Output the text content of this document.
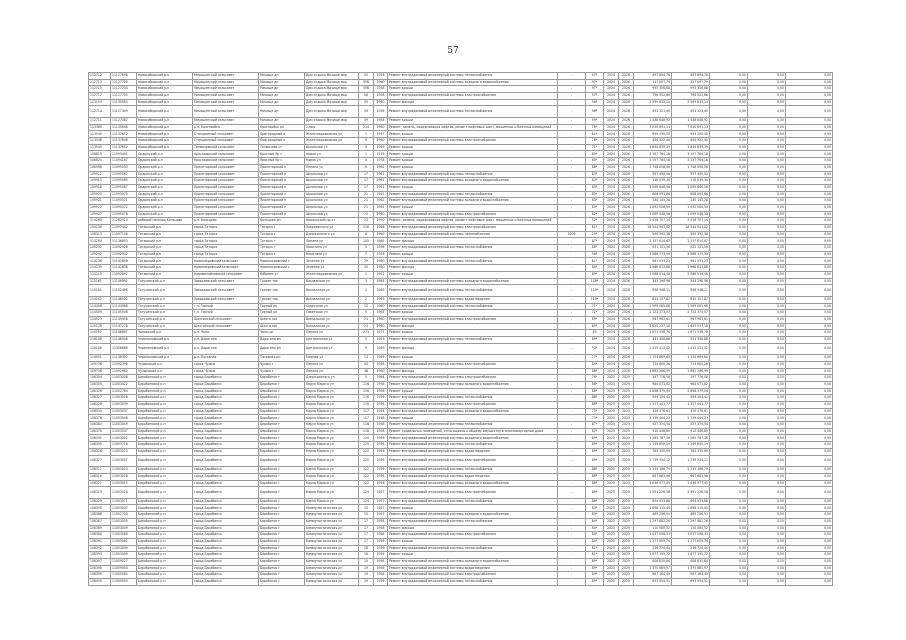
57
112712	11127698	Новосибирский р-н	Мочищенский сельсовет	Мочище дп	Дом отдыха Мочище мкр	55	1958	Ремонт внутридомовой инженерной системы теплоснабжения	-	97*	2024	2026	497 894,78	497 894,78	0,00	0,00	0,00
112713	11127700	Новосибирский р-н	Мочищенский сельсовет	Мочище дп	Дом отдыха Мочище мкр	55б	1960	Ремонт внутридомовой инженерной системы холодного водоснабжения	-	97*	2024	2026	117 097,79	117 097,79	0,00	0,00	0,00
112715	11127703	Новосибирский р-н	Мочищенский сельсовет	Мочище дп	Дом отдыха Мочище мкр	55б	1958	Ремонт крыши	-	97*	2024	2026	995 356,88	995 356,88	0,00	0,00	0,00
112717	11127705	Новосибирский р-н	Мочищенский сельсовет	Мочище дп	Дом отдыха Мочище мкр	56	1958	Ремонт внутридомовой инженерной системы электроснабжения	-	97*	2024	2026	796 552,86	796 552,86	0,00	0,00	0,00
113153	11135950	Новосибирский р-н	Мочищенский сельсовет	Мочище дп	Дом отдыха Мочище мкр	59	1960	Ремонт фасада	-	98*	2024	2026	2 599 635,10	2 599 635,10	0,00	0,00	0,00
112714	11127449	Новосибирский р-н	Мочищенский сельсовет	Мочище дп	Дом отдыха Мочище мкр	59	1958	Ремонт внутридомовой инженерной системы теплоснабжения	-	98*	2024	2026	493 321,40	493 321,40	0,00	0,00	0,00
112711	11127462	Новосибирский р-н	Мочищенский сельсовет	Мочище дп	Дом отдыха Мочище мкр	59	1958	Ремонт крыши	-	99*	2024	2026	1 438 648,92	1 438 648,92	0,00	0,00	0,00
113360	11135648	Новосибирский р-н	р.п. Краснообск	Краснообск рп	2-мкр	214	1980	Ремонт, замена, модернизация лифтов, ремонт лифтовых шахт, машинных и блочных помещений	-	76*	2024	2026	7 010 691,13	7 010 691,13	0,00	0,00	0,00
113540	11137652	Новосибирский р-н	Станционный сельсовет	Пригородный п	Железнодорожная ул	1	1957	Ремонт крыши	-	81*	2024	2026	955 290,00	955 290,00	0,00	0,00	0,00
113548	11137648	Новосибирский р-н	Станционный сельсовет	Пригородный п	Железнодорожная ул	6	1960	Ремонт внутридомовой инженерной системы электроснабжения	-	76*	2024	2026	450 522,40	450 522,40	0,00	0,00	0,00
113549	11137652	Новосибирский р-н	Толмачевский сельсовет	Толмачево ст	Школьная ул	9	1969	Ремонт крыши	-	71*	2024	2026	1 844 639,39	1 844 639,39	0,00	0,00	0,00
108819	11095401	Ордынский р-н	Красноярский сельсовет	Красный Яр с	Новая ул	1	1976	Ремонт крыши	-	80*	2024	2026	3 157 764,18	3 157 764,18	0,00	0,00	0,00
108820	11094167	Ордынский р-н	Красноярский сельсовет	Красный Яр с	Новая ул	3	1978	Ремонт крыши	-	80*	2024	2026	3 157 764,18	3 157 764,18	0,00	0,00	0,00
108998	11095033	Ордынский р-н	Пролетарский сельсовет	Пролетарский п	Ленина ул	6	1962	Ремонт крыши	-	88*	2024	2026	1 748 058,56	1 748 058,56	0,00	0,00	0,00
109912	11095062	Ордынский р-н	Пролетарский сельсовет	Пролетарский п	Школьная ул	17	1961	Ремонт внутридомовой инженерной системы теплоснабжения	-	83*	2024	2026	597 490,00	597 490,00	0,00	0,00	0,00
109915	11095065	Ордынский р-н	Пролетарский сельсовет	Пролетарский п	Школьная ул	17	1961	Ремонт внутридомовой инженерной системы холодного водоснабжения	-	83*	2024	2026	118 039,30	118 039,30	0,00	0,00	0,00
109918	11095067	Ордынский р-н	Пролетарский сельсовет	Пролетарский п	Школьная ул	17	1961	Ремонт крыши	-	83*	2024	2026	1 099 646,58	1 099 646,58	0,00	0,00	0,00
109920	11095070	Ордынский р-н	Пролетарский сельсовет	Пролетарский п	Школьная ул	21	1961	Ремонт внутридомовой инженерной системы теплоснабжения	-	83*	2024	2026	608 093,86	608 093,86	0,00	0,00	0,00
109921	11095071	Ордынский р-н	Пролетарский сельсовет	Пролетарский п	Школьная ул	21	1961	Ремонт внутридомовой инженерной системы холодного водоснабжения	-	83*	2024	2026	130 143,28	130 143,28	0,00	0,00	0,00
109922	11095072	Ордынский р-н	Пролетарский сельсовет	Пролетарский п	Школьная ул	21	1961	Ремонт крыши	-	83*	2024	2026	1 092 008,59	1 092 008,59	0,00	0,00	0,00
109927	11095076	Ордынский р-н	Пролетарский сельсовет	Пролетарский п	Школьная ул	25	1960	Ремонт внутридомовой инженерной системы электроснабжения	-	82*	2024	2026	1 099 048,58	1 099 048,58	0,00	0,00	0,00
114265	11262514	рабочий поселок Кольцово	р.п. Кольцово	Кольцово рп	Никольский пр-кт	23	1990	Ремонт, замена, модернизация лифтов, ремонт лифтовых шахт, машинных и блочных помещений	-	52*	2024	2026	2 418 707,14	2 418 707,14	0,00	0,00	0,00
105136	11097442	Татарский р-н	город Татарск	Татарск г	Закриевского ул	116	1968	Ремонт внутридомовой инженерной системы электроснабжения	-	81*	2024	2026	18 544 941,02	18 544 941,02	0,00	0,00	0,00
108313	11097156	Татарский р-н	город Татарск	Татарск г	Дзержинского ул	8	1960	Ремонт внутридомовой инженерной системы газоснабжения	2009	29*	2024	2026	590 392,38	590 392,38	0,00	0,00	0,00
113284	11136853	Татарский р-н	город Татарск	Татарск г	Ленина ул	105	1985	Ремонт фасада	-	87*	2024	2026	2 137 614,67	2 137 614,67	0,00	0,00	0,00
109292	11092926	Татарский р-н	город Татарск	Татарск г	Никитина ул	5	1956	Ремонт внутридомовой инженерной системы теплоснабжения	-	86*	2024	2026	931 131,56	931 131,56	0,00	0,00	0,00
109292	11092932	Татарский р-н	город Татарск	Татарск г	Никитина ул	7	1956	Ремонт крыши	-	98*	2024	2026	2 586 173,99	2 586 173,99	0,00	0,00	0,00
114238	11142858	Татарский р-н	Новопокровский сельсовет	Новопокровский с	Зеленая ул	29	1980	Ремонт внутридомовой инженерной системы теплоснабжения	-	81*	2024	2026	581 033,23	581 033,23	0,00	0,00	0,00
114239	11142838	Татарский р-н	Новопокровский сельсовет	Новопокровский с	Зеленая ул	30	1980	Ремонт фасада	-	84*	2024	2026	1 968 613,88	1 968 613,88	0,00	0,00	0,00
114215	11092892	Татарский р-н	Новомихайловский сельсовет	Кабинет ст	Железнодорожная ул	1	1952	Ремонт крыши	-	89*	2024	2026	2 088 014,48	2 088 014,48	0,00	0,00	0,00
115161	11146892	Тогучинский р-н	Завьяловский сельсовет	Гранит пос	Вокзальная ул	3	1965	Ремонт внутридомовой инженерной системы холодного водоснабжения	-	108*	2024	2026	343 298,96	343 298,96	0,00	0,00	0,00
115161	11152498	Тогучинский р-н	Завьяловский сельсовет	Гранит пос	Вокзальная ул	2	1965	Ремонт внутридомовой инженерной системы теплоснабжения	-	110*	2024	2026	998 948,11	998 948,11	0,00	0,00	0,00
115162	11146902	Тогучинский р-н	Завьяловский сельсовет	Гранит пос	Вокзальная ул	2	1965	Ремонт внутридомовой инженерной системы водоотведения	-	110*	2024	2026	615 157,87	615 157,87	0,00	0,00	0,00
114408	11144968	Тогучинский р-н	г.п. Горный	Горный рп	Советская ул	12	1960	Ремонт внутридомовой инженерной системы теплоснабжения	-	71*	2024	2026	1 599 065,68	1 599 065,68	0,00	0,00	0,00
114509	11145008	Тогучинский р-н	г.п. Горный	Горный рп	Советская ул	5	1965	Ремонт крыши	-	71*	2024	2026	2 723 373,07	2 723 373,07	0,00	0,00	0,00
114523	11149458	Тогучинский р-н	Шахтинский сельсовет	Шахта пос	Вокзальная ул	23	1960	Ремонт внутридомовой инженерной системы электроснабжения	-	69*	2024	2026	567 963,61	567 963,61	0,00	0,00	0,00
115176	11147278	Тогучинский р-н	Шахтинский сельсовет	Шахта пос	Вокзальная ул	23	1960	Ремонт фасада	-	69*	2024	2026	1 625 237,18	1 625 237,18	0,00	0,00	0,00
115162	11146897	Чановский р-н	р.п. Чаны	Чаны рп	Ленина ул	273	1975	Ремонт крыши	-	49	2024	2026	1 671 538,78	1 671 538,78	0,00	0,00	0,00
116106	11146908	Черепановский р-н	р.п. Дорогино	Дорогино рп	Центральная ул	5	1959	Ремонт внутридомовой инженерной системы теплоснабжения	-	89*	2024	2026	331 358,88	331 358,88	0,00	0,00	0,00
116106	11306668	Черепановский р-н	р.п. Дорогино	Дорогино рп	Центральная ул	9	1959	Ремонт фасада	-	93*	2024	2026	1 415 413,02	1 415 413,02	0,00	0,00	0,00
114051	11138302	Черепановский р-н	р.п. Посевная	Посевная рп	Мирная ул	13	1965	Ремонт крыши	-	77*	2024	2026	1 154 669,60	1 154 669,60	0,00	0,00	0,00
109738	11092398	Чулымский р-н	город Чулым	Чулым г	Ленина ул	44	1958	Ремонт внутридомовой инженерной системы электроснабжения	-	84*	2024	2026	724 600,26	724 600,26	0,00	0,00	0,00
109738	11092660	Чулымский р-н	город Чулым	Чулым г	Ленина ул	48	1960	Ремонт фасада	-	86*	2024	2026	1 682 286,99	1 682 286,99	0,00	0,00	0,00
108304	11003008	Барабинский р-н	город Барабинск	Барабинск г	Дзержинского ул	5	1964	Ремонт внутридомовой инженерной системы электроснабжения	-	76*	2025	2025	197 776,58	197 776,58	0,00	0,00	0,00
108305	11003022	Барабинский р-н	город Барабинск	Барабинск г	Карла Маркса ул	116	1956	Ремонт внутридомовой инженерной системы холодного водоснабжения	-	88*	2025	2025	984 071,82	984 071,82	0,00	0,00	0,00
108326	11002764	Барабинский р-н	город Барабинск	Барабинск г	Карла Маркса ул	116	1956	Ремонт крыши	-	88*	2025	2025	2 698 379,04	2 698 379,04	0,00	0,00	0,00
108327	11003028	Барабинский р-н	город Барабинск	Барабинск г	Карла Маркса ул	116	1956	Ремонт внутридомовой инженерной системы теплоснабжения	-	88*	2025	2025	599 104,41	599 104,41	0,00	0,00	0,00
108328	11003039	Барабинский р-н	город Барабинск	Барабинск г	Карла Маркса ул	116	1956	Ремонт внутридомовой инженерной системы электроснабжения	-	88*	2025	2025	1 327 441,77	1 327 441,77	0,00	0,00	0,00
108330	11003037	Барабинский р-н	город Барабинск	Барабинск г	Карла Маркса ул	117	1958	Ремонт внутридомовой инженерной системы холодного водоснабжения	-	73*	2025	2025	320 376,61	320 376,61	0,00	0,00	0,00
108376	11003046	Барабинский р-н	город Барабинск	Барабинск г	Карла Маркса ул	117	1958	Ремонт крыши	-	73*	2025	2025	2 139 444,23	2 139 444,23	0,00	0,00	0,00
108380	11003049	Барабинский р-н	город Барабинск	Барабинск г	Карла Маркса ул	118	1958	Ремонт внутридомовой инженерной системы теплоснабжения	-	87*	2025	2025	527 374,54	527 374,54	0,00	0,00	0,00
108378	11003047	Барабинский р-н	город Барабинск	Барабинск г	Карла Маркса ул	118	1958	Ремонт подвальных помещений, относящихся к общему имуществу в многоквартирном доме	-	87*	2025	2025	910 446,89	910 446,89	0,00	0,00	0,00
108331	11003002	Барабинский р-н	город Барабинск	Барабинск г	Карла Маркса ул	120	1956	Ремонт внутридомовой инженерной системы холодного водоснабжения	-	89*	2025	2025	1 285 787,36	1 285 787,36	0,00	0,00	0,00
108395	11003716	Барабинский р-н	город Барабинск	Барабинск г	Карла Маркса ул	120	1956	Ремонт внутридомовой инженерной системы теплоснабжения	-	89*	2025	2025	1 149 650,19	1 149 650,19	0,00	0,00	0,00
108326	11003020	Барабинский р-н	город Барабинск	Барабинск г	Карла Маркса ул	120	1956	Ремонт внутридомовой инженерной системы водоотведения	-	89*	2025	2025	765 355,69	765 355,69	0,00	0,00	0,00
108327	11003057	Барабинский р-н	город Барабинск	Барабинск г	Карла Маркса ул	120	1956	Ремонт внутридомовой инженерной системы электроснабжения	-	89*	2025	2025	1 739 934,12	1 739 934,12	0,00	0,00	0,00
108312	11003020	Барабинский р-н	город Барабинск	Барабинск г	Карла Маркса ул	122	1956	Ремонт внутридомовой инженерной системы теплоснабжения	-	88*	2025	2025	2 235 186,79	2 235 186,79	0,00	0,00	0,00
108316	11003028	Барабинский р-н	город Барабинск	Барабинск г	Карла Маркса ул	122	1956	Ремонт внутридомовой инженерной системы водоотведения	-	88*	2025	2025	667 683,98	667 683,98	0,00	0,00	0,00
108321	11003015	Барабинский р-н	город Барабинск	Барабинск г	Карла Маркса ул	122	1956	Ремонт внутридомовой инженерной системы холодного водоснабжения	-	88*	2025	2025	1 036 977,45	1 036 977,45	0,00	0,00	0,00
108319	11003024	Барабинский р-н	город Барабинск	Барабинск г	Карла Маркса ул	124	1957	Ремонт внутридомовой инженерной системы электроснабжения	-	86*	2025	2025	2 591 226,58	2 591 226,58	0,00	0,00	0,00
108329	11003071	Барабинский р-н	город Барабинск	Барабинск г	Карла Маркса ул	124	1957	Ремонт внутридомовой инженерной системы теплоснабжения	-	86*	2025	2025	604 933,88	604 933,88	0,00	0,00	0,00
108390	11003007	Барабинский р-н	город Барабинск	Барабинск г	Коммунистическая ул	15	1957	Ремонт крыши	-	83*	2025	2025	1 698 115,44	1 698 115,44	0,00	0,00	0,00
108386	11002733	Барабинский р-н	город Барабинск	Барабинск г	Коммунистическая ул	15	1957	Ремонт внутридомовой инженерной системы холодного водоснабжения	-	83*	2025	2025	469 256,51	469 256,51	0,00	0,00	0,00
108387	11003005	Барабинский р-н	город Барабинск	Барабинск г	Коммунистическая ул	17	1958	Ремонт внутридомовой инженерной системы теплоснабжения	-	84*	2025	2025	1 297 882,26	1 297 882,26	0,00	0,00	0,00
108389	11003049	Барабинский р-н	город Барабинск	Барабинск г	Коммунистическая ул	17	1958	Ремонт фасада	-	84*	2025	2025	110 080,52	110 080,52	0,00	0,00	0,00
108390	11003080	Барабинский р-н	город Барабинск	Барабинск г	Коммунистическая ул	17	1958	Ремонт внутридомовой инженерной системы электроснабжения	-	84*	2025	2025	1 037 098,33	1 037 098,33	0,00	0,00	0,00
108391	11003082	Барабинский р-н	город Барабинск	Барабинск г	Коммунистическая ул	17	1958	Ремонт крыши	-	84*	2025	2025	1 277 009,74	1 277 009,74	0,00	0,00	0,00
108392	11003009	Барабинский р-н	город Барабинск	Барабинск г	Коммунистическая ул	18	1956	Ремонт внутридомовой инженерной системы теплоснабжения	-	81*	2025	2025	236 724,40	236 724,40	0,00	0,00	0,00
108393	11003009	Барабинский р-н	город Барабинск	Барабинск г	Коммунистическая ул	18	1956	Ремонт крыши	-	81*	2025	2025	1 877 195,72	1 877 195,72	0,00	0,00	0,00
108397	11009027	Барабинский р-н	город Барабинск	Барабинск г	Коммунистическая ул	19	1956	Ремонт внутридомовой инженерной системы холодного водоснабжения	-	89*	2025	2025	408 835,84	408 835,84	0,00	0,00	0,00
108398	11009043	Барабинский р-н	город Барабинск	Барабинск г	Коммунистическая ул	19	1956	Ремонт внутридомовой инженерной системы водоотведения	-	89*	2025	2025	1 375 885,97	1 375 885,97	0,00	0,00	0,00
108399	11009060	Барабинский р-н	город Барабинск	Барабинск г	Коммунистическая ул	19	1956	Ремонт внутридомовой инженерной системы электроснабжения	-	89*	2025	2025	967 164,49	967 164,49	0,00	0,00	0,00
108400	11009059	Барабинский р-н	город Барабинск	Барабинск г	Коммунистическая ул	19	1956	Ремонт внутридомовой инженерной системы теплоснабжения	-	89*	2025	2025	693 954,91	693 954,91	0,00	0,00	0,00
